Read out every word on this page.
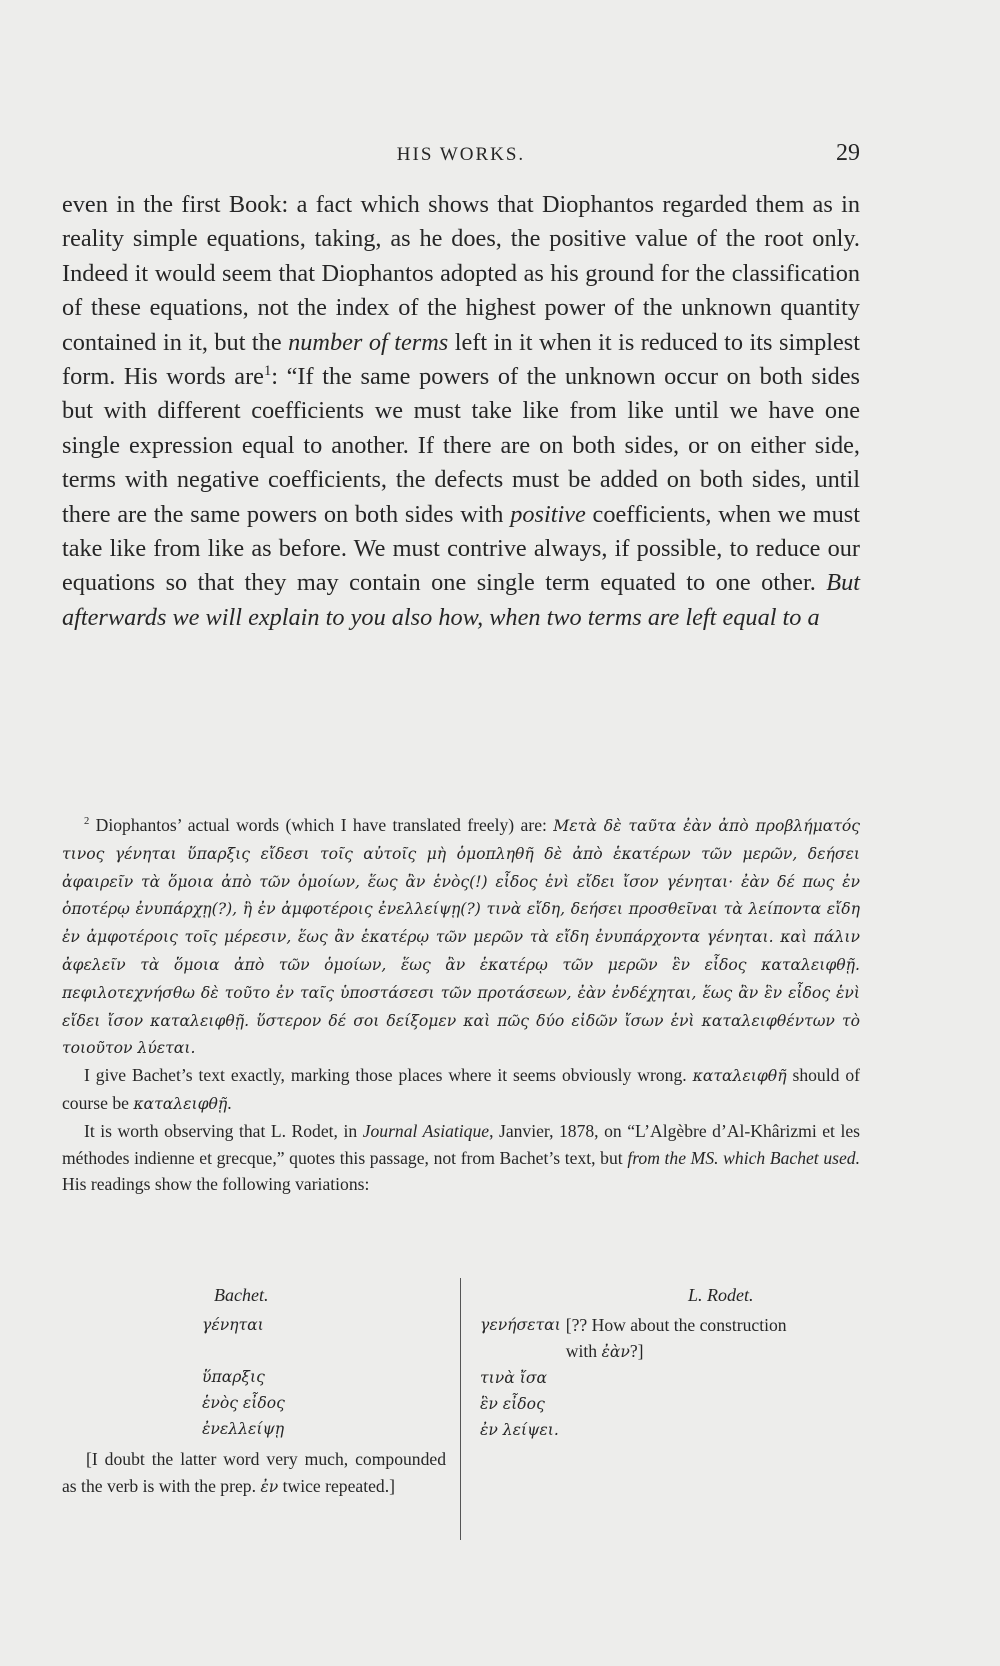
HIS WORKS.	29

even in the first Book: a fact which shows that Diophantos regarded them as in reality simple equations, taking, as he does, the positive value of the root only. Indeed it would seem that Diophantos adopted as his ground for the classification of these equations, not the index of the highest power of the unknown quantity contained in it, but the number of terms left in it when it is reduced to its simplest form. His words are$^1$: “If the same powers of the unknown occur on both sides but with different coefficients we must take like from like until we have one single expression equal to another. If there are on both sides, or on either side, terms with negative coefficients, the defects must be added on both sides, until there are the same powers on both sides with positive coefficients, when we must take like from like as before. We must contrive always, if possible, to reduce our equations so that they may contain one single term equated to one other. But afterwards we will explain to you also how, when two terms are left equal to a

$^2$ Diophantos’ actual words (which I have translated freely) are: Μετὰ δὲ ταῦτα ἐὰν ἀπὸ προβλήματός τινος γένηται ὕπαρξις εἴδεσι τοῖς αὐτοῖς μὴ ὁμοπληθῆ δὲ ἀπὸ ἑκατέρων τῶν μερῶν, δεήσει ἀφαιρεῖν τὰ ὅμοια ἀπὸ τῶν ὁμοίων, ἕως ἂν ἑνὸς(!) εἶδος ἑνὶ εἴδει ἴσον γένηται· ἐὰν δέ πως ἐν ὁποτέρῳ ἐνυπάρχῃ(?), ἢ ἐν ἀμφοτέροις ἐνελλείψῃ(?) τινὰ εἴδη, δεήσει προσθεῖναι τὰ λείποντα εἴδη ἐν ἀμφοτέροις τοῖς μέρεσιν, ἕως ἂν ἑκατέρῳ τῶν μερῶν τὰ εἴδη ἐνυπάρχοντα γένηται. καὶ πάλιν ἀφελεῖν τὰ ὅμοια ἀπὸ τῶν ὁμοίων, ἕως ἂν ἑκατέρῳ τῶν μερῶν ἓν εἶδος καταλειφθῇ. πεφιλοτεχνήσθω δὲ τοῦτο ἐν ταῖς ὑποστάσεσι τῶν προτάσεων, ἐὰν ἐνδέχηται, ἕως ἂν ἓν εἶδος ἑνὶ εἴδει ἴσον καταλειφθῇ. ὕστερον δέ σοι δείξομεν καὶ πῶς δύο εἰδῶν ἴσων ἑνὶ καταλειφθέντων τὸ τοιοῦτον λύεται.

I give Bachet’s text exactly, marking those places where it seems obviously wrong. καταλειφθῆ should of course be καταλειφθῇ.

It is worth observing that L. Rodet, in Journal Asiatique, Janvier, 1878, on “L’Algèbre d’Al-Khârizmi et les méthodes indienne et grecque,” quotes this passage, not from Bachet’s text, but from the MS. which Bachet used. His readings show the following variations:

Bachet.
γένηται
ὕπαρξις
ἑνὸς εἶδος
ἐνελλείψῃ
[I doubt the latter word very much, compounded as the verb is with the prep. ἐν twice repeated.]
L. Rodet.
γενήσεται [?? How about the construction with ἐὰν?]
τινὰ ἴσα
ἓν εἶδος
ἐν λείψει.
